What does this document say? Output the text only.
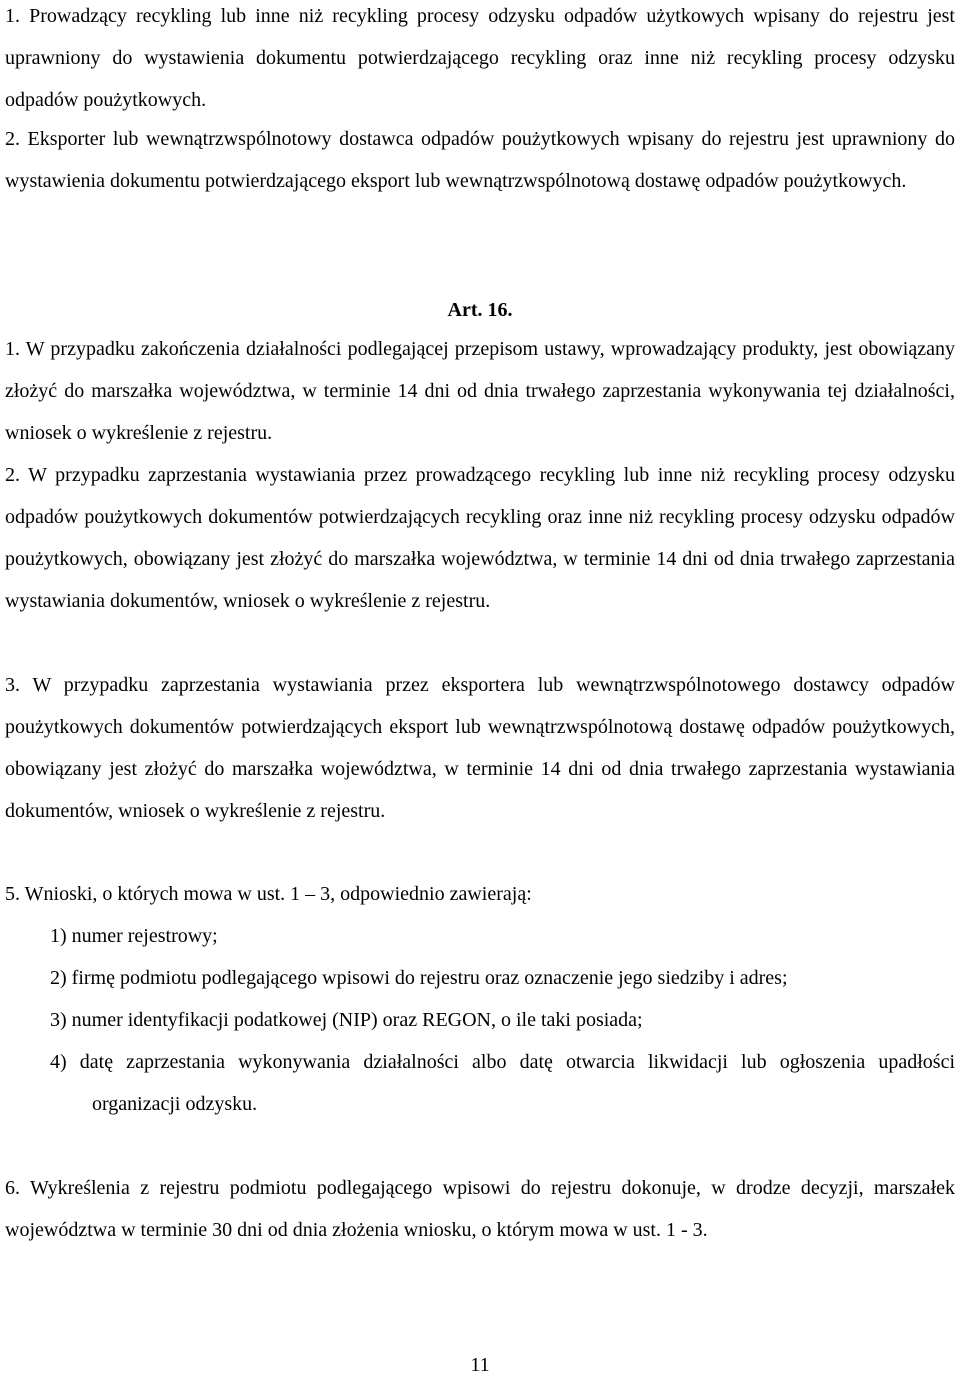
1. Prowadzący recykling lub inne niż recykling procesy odzysku odpadów użytkowych wpisany do rejestru jest uprawniony do wystawienia dokumentu potwierdzającego recykling oraz inne niż recykling procesy odzysku odpadów poużytkowych.

2. Eksporter lub wewnątrzwspólnotowy dostawca odpadów poużytkowych wpisany do rejestru jest uprawniony do wystawienia dokumentu potwierdzającego eksport lub wewnątrzwspólnotową dostawę odpadów poużytkowych.

Art. 16.

1. W przypadku zakończenia działalności podlegającej przepisom ustawy, wprowadzający produkty, jest obowiązany złożyć do marszałka województwa, w terminie 14 dni od dnia trwałego zaprzestania wykonywania tej działalności, wniosek o wykreślenie z rejestru.

2. W przypadku zaprzestania wystawiania przez prowadzącego recykling lub inne niż recykling procesy odzysku odpadów poużytkowych dokumentów potwierdzających recykling oraz inne niż recykling procesy odzysku odpadów poużytkowych, obowiązany jest złożyć do marszałka województwa, w terminie 14 dni od dnia trwałego zaprzestania wystawiania dokumentów, wniosek o wykreślenie z rejestru.

3. W przypadku zaprzestania wystawiania przez eksportera lub wewnątrzwspólnotowego dostawcy odpadów poużytkowych dokumentów potwierdzających eksport lub wewnątrzwspólnotową dostawę odpadów poużytkowych, obowiązany jest złożyć do marszałka województwa, w terminie 14 dni od dnia trwałego zaprzestania wystawiania dokumentów, wniosek o wykreślenie z rejestru.

5. Wnioski, o których mowa w ust. 1 – 3, odpowiednio zawierają:

1) numer rejestrowy;
2) firmę podmiotu podlegającego wpisowi do rejestru oraz oznaczenie jego siedziby i adres;
3) numer identyfikacji podatkowej (NIP) oraz REGON, o ile taki posiada;
4) datę zaprzestania wykonywania działalności albo datę otwarcia likwidacji lub ogłoszenia upadłości organizacji odzysku.

6. Wykreślenia z rejestru podmiotu podlegającego wpisowi do rejestru dokonuje, w drodze decyzji, marszałek województwa w terminie 30 dni od dnia złożenia wniosku, o którym mowa w ust. 1 - 3.

11
